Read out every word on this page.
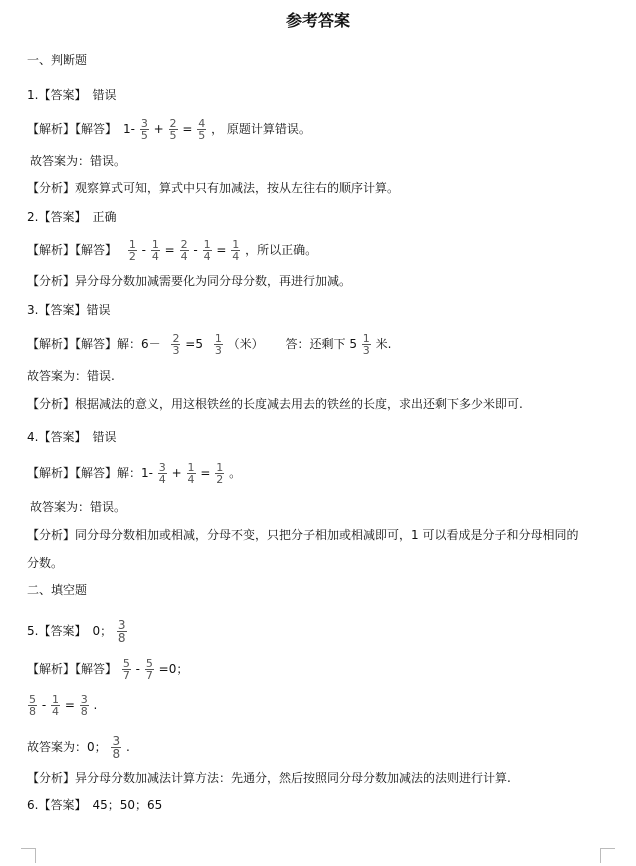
参考答案
一、判断题
1.【答案】 错误
【解析】【解答】 $1- \frac{3}{5} + \frac{2}{5} = \frac{4}{5}$ ， 原题计算错误。
故答案为：错误。
【分析】观察算式可知，算式中只有加减法，按从左往右的顺序计算。
2.【答案】 正确
【解析】【解答】 $\frac{1}{2} - \frac{1}{4} = \frac{2}{4} - \frac{1}{4} = \frac{1}{4}$ ，所以正确。
【分析】异分母分数加减需要化为同分母分数，再进行加减。
3.【答案】错误
【解析】【解答】解：$6- \frac{2}{3} =5 \frac{1}{3}$ （米） 答：还剩下 $5 \frac{1}{3}$ 米.
故答案为：错误.
【分析】根据减法的意义，用这根铁丝的长度减去用去的铁丝的长度，求出还剩下多少米即可.
4.【答案】 错误
【解析】【解答】解：$1- \frac{3}{4} + \frac{1}{4} = \frac{1}{2}$ 。
故答案为：错误。
【分析】同分母分数相加或相减，分母不变，只把分子相加或相减即可，1 可以看成是分子和分母相同的
分数。
二、填空题
5.【答案】 0； $\frac{3}{8}$
【解析】【解答】 $\frac{5}{7} - \frac{5}{7} =0$；
$\frac{5}{8} - \frac{1}{4} = \frac{3}{8}$ .
故答案为：0； $\frac{3}{8}$ .
【分析】异分母分数加减法计算方法：先通分，然后按照同分母分数加减法的法则进行计算.
6.【答案】 45；50；65
